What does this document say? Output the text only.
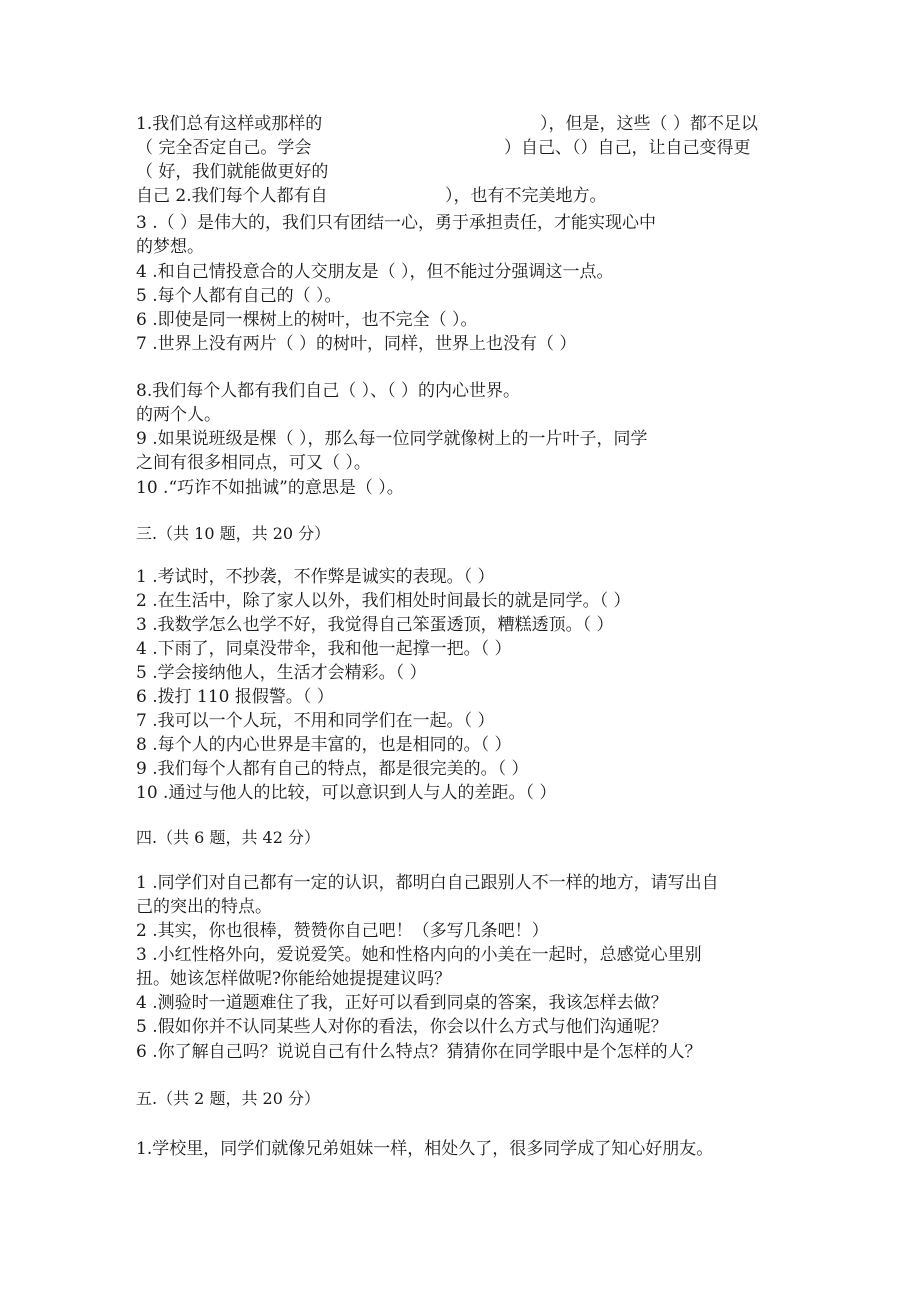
1.我们总有这样或那样的	），但是，这些（ ）都不足以
（ 完全否定自己。学会	）自己、（）自己，让自己变得更
（ 好，我们就能做更好的
自己 2.我们每个人都有自	），也有不完美地方。
3 .（ ）是伟大的，我们只有团结一心，勇于承担责任，才能实现心中
的梦想。
4 .和自己情投意合的人交朋友是（ ），但不能过分强调这一点。
5 .每个人都有自己的（ ）。
6 .即使是同一棵树上的树叶，也不完全（ ）。
7 .世界上没有两片（ ）的树叶，同样，世界上也没有（ ）
8.我们每个人都有我们自己（ ）、（ ）的内心世界。
的两个人。
9 .如果说班级是棵（ ），那么每一位同学就像树上的一片叶子，同学
之间有很多相同点，可又（ ）。
10 .“巧诈不如拙诚”的意思是（ ）。
三.（共 10 题，共 20 分）
1 .考试时，不抄袭，不作弊是诚实的表现。（ ）
2 .在生活中，除了家人以外，我们相处时间最长的就是同学。（ ）
3 .我数学怎么也学不好，我觉得自己笨蛋透顶，糟糕透顶。（ ）
4 .下雨了，同桌没带伞，我和他一起撑一把。（ ）
5 .学会接纳他人，生活才会精彩。（ ）
6 .拨打 110 报假警。（ ）
7 .我可以一个人玩，不用和同学们在一起。（ ）
8 .每个人的内心世界是丰富的，也是相同的。（ ）
9 .我们每个人都有自己的特点，都是很完美的。（ ）
10 .通过与他人的比较，可以意识到人与人的差距。（ ）
四.（共 6 题，共 42 分）
1 .同学们对自己都有一定的认识，都明白自己跟别人不一样的地方，请写出自
己的突出的特点。
2 .其实，你也很棒，赞赞你自己吧！（多写几条吧！）
3 .小红性格外向，爱说爱笑。她和性格内向的小美在一起时，总感觉心里别
扭。她该怎样做呢?你能给她提提建议吗？
4 .测验时一道题难住了我，正好可以看到同桌的答案，我该怎样去做？
5 .假如你并不认同某些人对你的看法，你会以什么方式与他们沟通呢？
6 .你了解自己吗？说说自己有什么特点？猜猜你在同学眼中是个怎样的人？
五.（共 2 题，共 20 分）
1.学校里，同学们就像兄弟姐妹一样，相处久了，很多同学成了知心好朋友。
